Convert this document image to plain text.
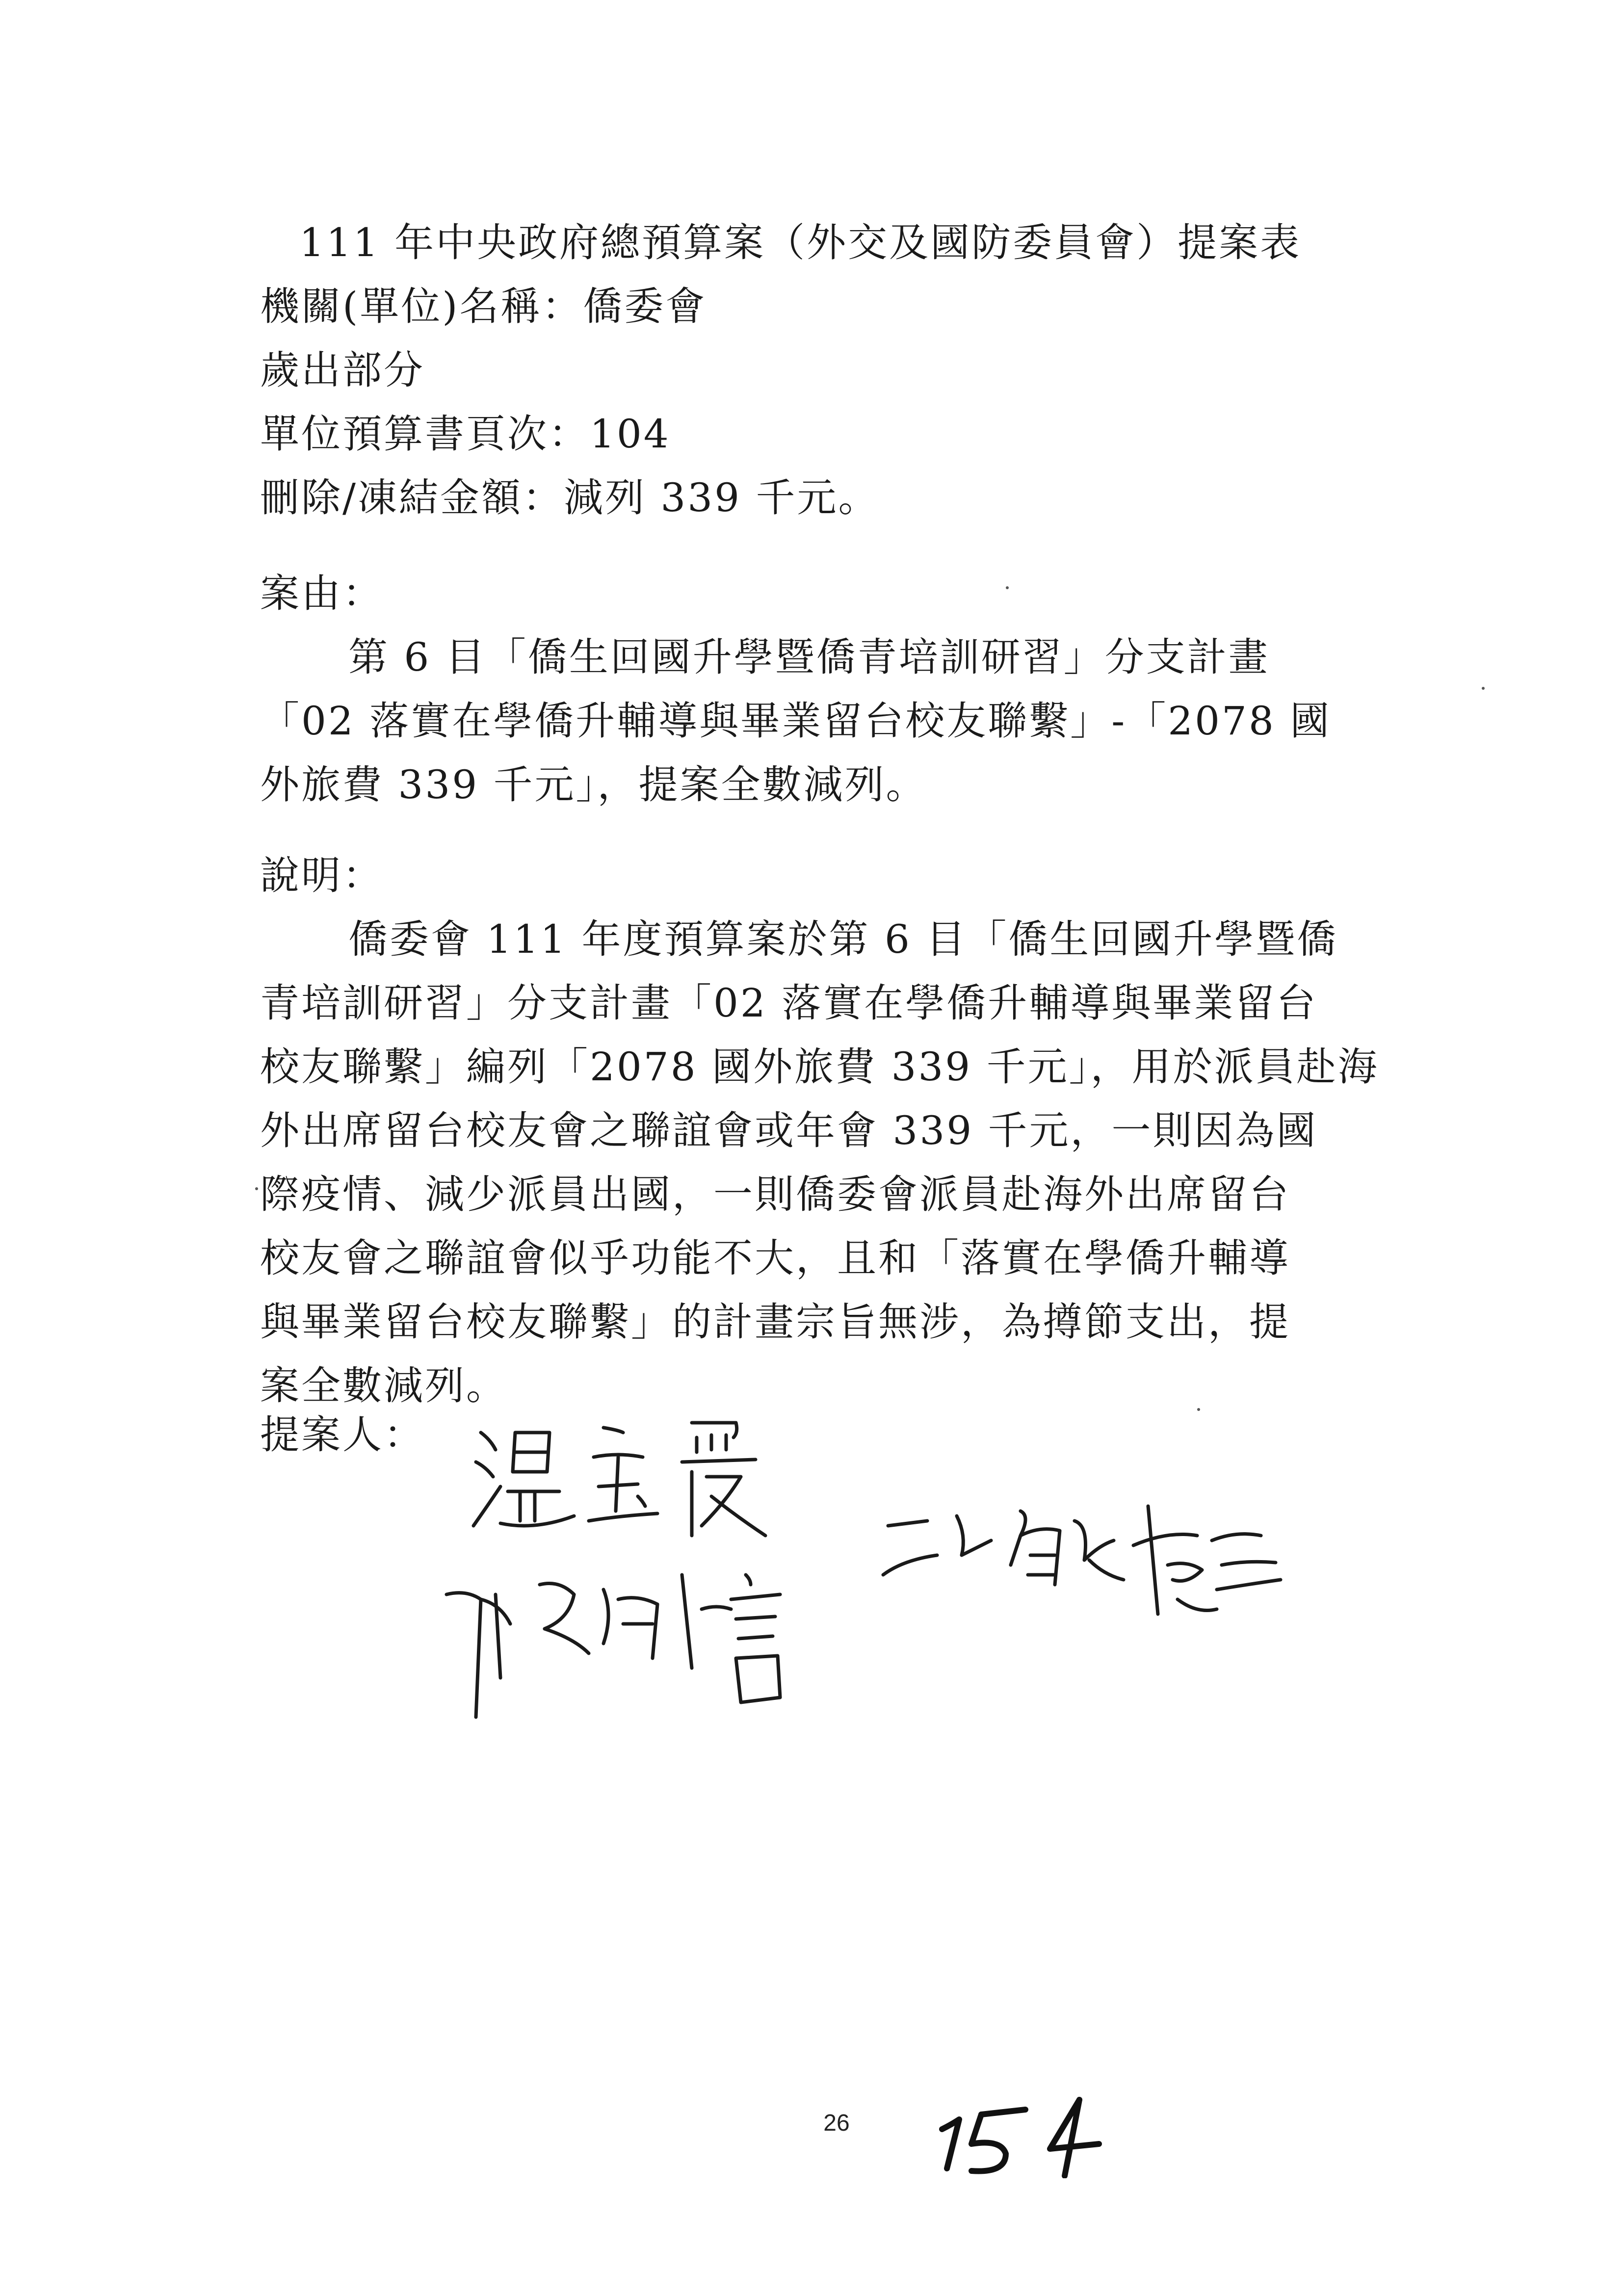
111 年中央政府總預算案（外交及國防委員會）提案表
機關(單位)名稱：僑委會
歲出部分
單位預算書頁次：104
刪除/凍結金額：減列 339 千元。
案由：
第 6 目「僑生回國升學暨僑青培訓研習」分支計畫
「02 落實在學僑升輔導與畢業留台校友聯繫」-「2078 國
外旅費 339 千元」，提案全數減列。
說明：
僑委會 111 年度預算案於第 6 目「僑生回國升學暨僑
青培訓研習」分支計畫「02 落實在學僑升輔導與畢業留台
校友聯繫」編列「2078 國外旅費 339 千元」，用於派員赴海
外出席留台校友會之聯誼會或年會 339 千元，一則因為國
際疫情、減少派員出國，一則僑委會派員赴海外出席留台
校友會之聯誼會似乎功能不大，且和「落實在學僑升輔導
與畢業留台校友聯繫」的計畫宗旨無涉，為撙節支出，提
案全數減列。
提案人：
26
